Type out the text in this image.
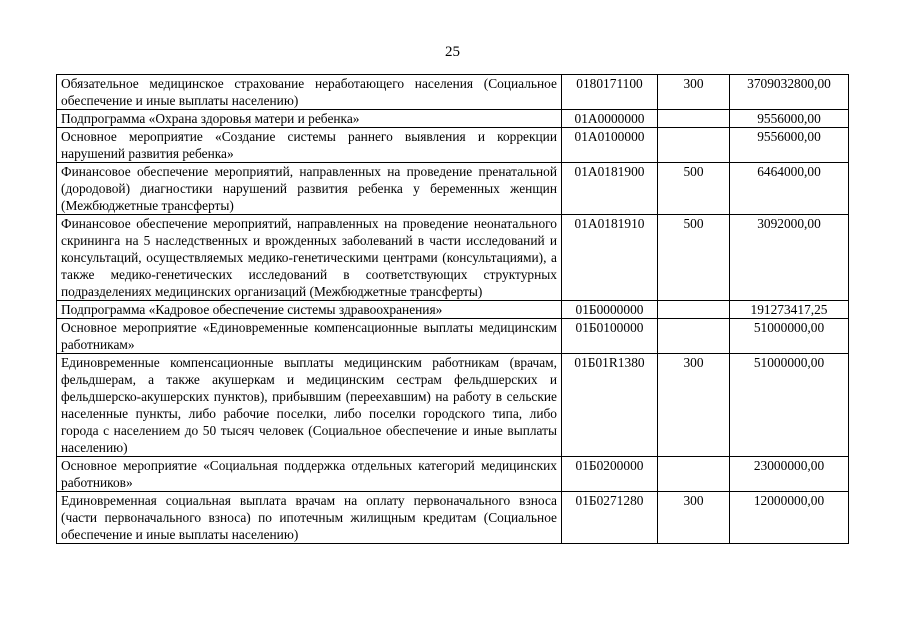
25
Обязательное медицинское страхование неработающего населения (Социальное обеспечение и иные выплаты населению)	0180171100	300	3709032800,00
Подпрограмма «Охрана здоровья матери и ребенка»	01А0000000		9556000,00
Основное мероприятие «Создание системы раннего выявления и коррекции нарушений развития ребенка»	01А0100000		9556000,00
Финансовое обеспечение мероприятий, направленных на проведение пренатальной (дородовой) диагностики нарушений развития ребенка у беременных женщин (Межбюджетные трансферты)	01А0181900	500	6464000,00
Финансовое обеспечение мероприятий, направленных на проведение неонатального скрининга на 5 наследственных и врожденных заболеваний в части исследований и консультаций, осуществляемых медико-генетическими центрами (консультациями), а также медико-генетических исследований в соответствующих структурных подразделениях медицинских организаций (Межбюджетные трансферты)	01А0181910	500	3092000,00
Подпрограмма «Кадровое обеспечение системы здравоохранения»	01Б0000000		191273417,25
Основное мероприятие «Единовременные компенсационные выплаты медицинским работникам»	01Б0100000		51000000,00
Единовременные компенсационные выплаты медицинским работникам (врачам, фельдшерам, а также акушеркам и медицинским сестрам фельдшерских и фельдшерско-акушерских пунктов), прибывшим (переехавшим) на работу в сельские населенные пункты, либо рабочие поселки, либо поселки городского типа, либо города с населением до 50 тысяч человек (Социальное обеспечение и иные выплаты населению)	01Б01R1380	300	51000000,00
Основное мероприятие «Социальная поддержка отдельных категорий медицинских работников»	01Б0200000		23000000,00
Единовременная социальная выплата врачам на оплату первоначального взноса (части первоначального взноса) по ипотечным жилищным кредитам (Социальное обеспечение и иные выплаты населению)	01Б0271280	300	12000000,00
